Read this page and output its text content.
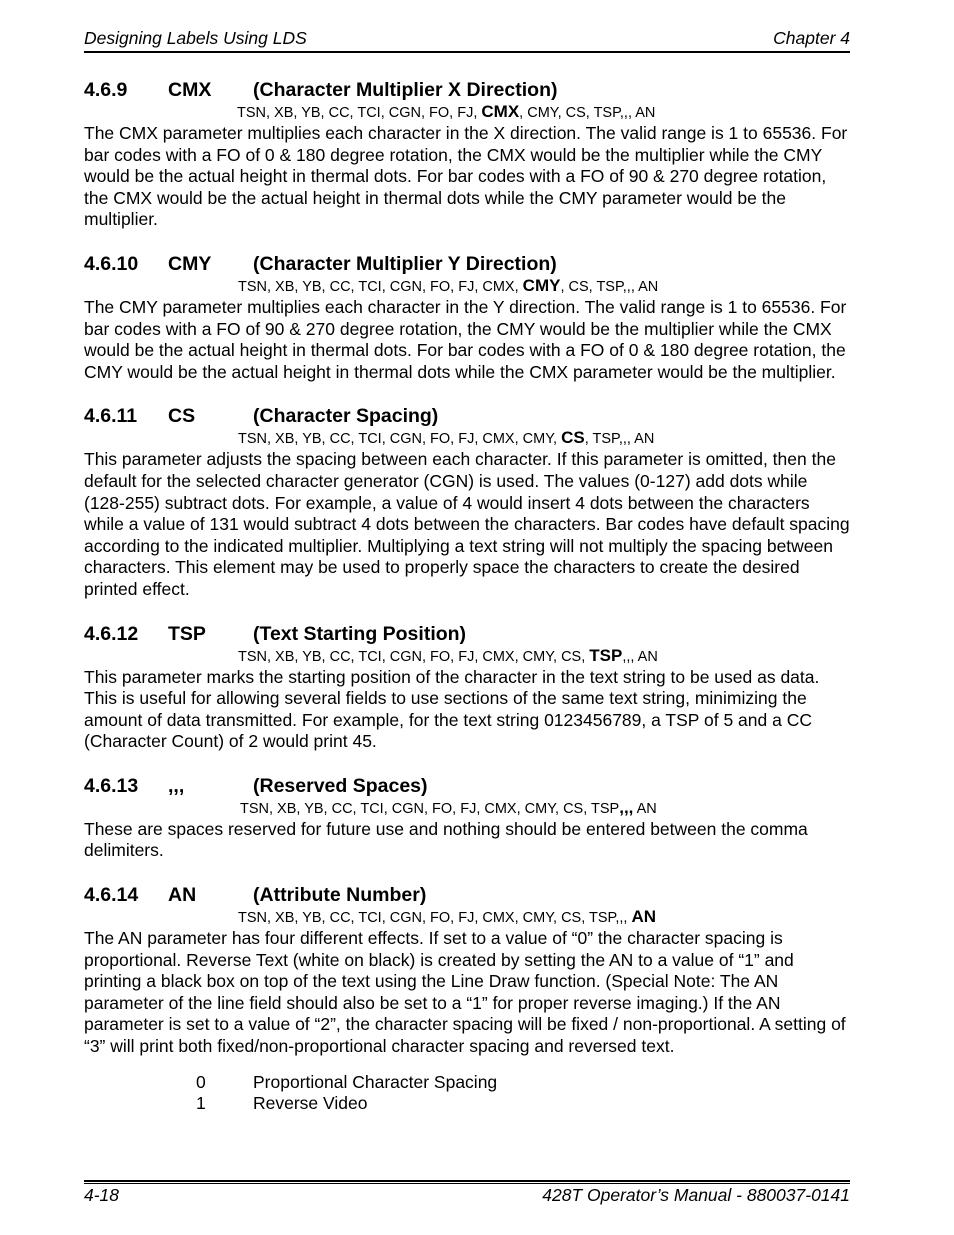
Designing Labels Using LDS	Chapter 4
4.6.9 CMX (Character Multiplier X Direction)
TSN, XB, YB, CC, TCI, CGN, FO, FJ, CMX, CMY, CS, TSP,,, AN

The CMX parameter multiplies each character in the X direction. The valid range is 1 to 65536. For bar codes with a FO of 0 & 180 degree rotation, the CMX would be the multiplier while the CMY would be the actual height in thermal dots. For bar codes with a FO of 90 & 270 degree rotation, the CMX would be the actual height in thermal dots while the CMY parameter would be the multiplier.

4.6.10 CMY (Character Multiplier Y Direction)
TSN, XB, YB, CC, TCI, CGN, FO, FJ, CMX, CMY, CS, TSP,,, AN

The CMY parameter multiplies each character in the Y direction. The valid range is 1 to 65536. For bar codes with a FO of 90 & 270 degree rotation, the CMY would be the multiplier while the CMX would be the actual height in thermal dots. For bar codes with a FO of 0 & 180 degree rotation, the CMY would be the actual height in thermal dots while the CMX parameter would be the multiplier.

4.6.11 CS	(Character Spacing)
TSN, XB, YB, CC, TCI, CGN, FO, FJ, CMX, CMY, CS, TSP,,, AN

This parameter adjusts the spacing between each character. If this parameter is omitted, then the default for the selected character generator (CGN) is used. The values (0-127) add dots while (128-255) subtract dots. For example, a value of 4 would insert 4 dots between the characters while a value of 131 would subtract 4 dots between the characters. Bar codes have default spacing according to the indicated multiplier. Multiplying a text string will not multiply the spacing between characters. This element may be used to properly space the characters to create the desired printed effect.

4.6.12 TSP (Text Starting Position)
TSN, XB, YB, CC, TCI, CGN, FO, FJ, CMX, CMY, CS, TSP,,, AN

This parameter marks the starting position of the character in the text string to be used as data. This is useful for allowing several fields to use sections of the same text string, minimizing the amount of data transmitted. For example, for the text string 0123456789, a TSP of 5 and a CC (Character Count) of 2 would print 45.

4.6.13 ,,,	(Reserved Spaces)
TSN, XB, YB, CC, TCI, CGN, FO, FJ, CMX, CMY, CS, TSP,,, AN

These are spaces reserved for future use and nothing should be entered between the comma delimiters.

4.6.14 AN	(Attribute Number)
TSN, XB, YB, CC, TCI, CGN, FO, FJ, CMX, CMY, CS, TSP,,, AN

The AN parameter has four different effects. If set to a value of “0” the character spacing is proportional. Reverse Text (white on black) is created by setting the AN to a value of “1” and printing a black box on top of the text using the Line Draw function. (Special Note: The AN parameter of the line field should also be set to a “1” for proper reverse imaging.) If the AN parameter is set to a value of “2”, the character spacing will be fixed / non-proportional. A setting of “3” will print both fixed/non-proportional character spacing and reversed text.

0	Proportional Character Spacing
1	Reverse Video
4-18	428T Operator’s Manual - 880037-0141
